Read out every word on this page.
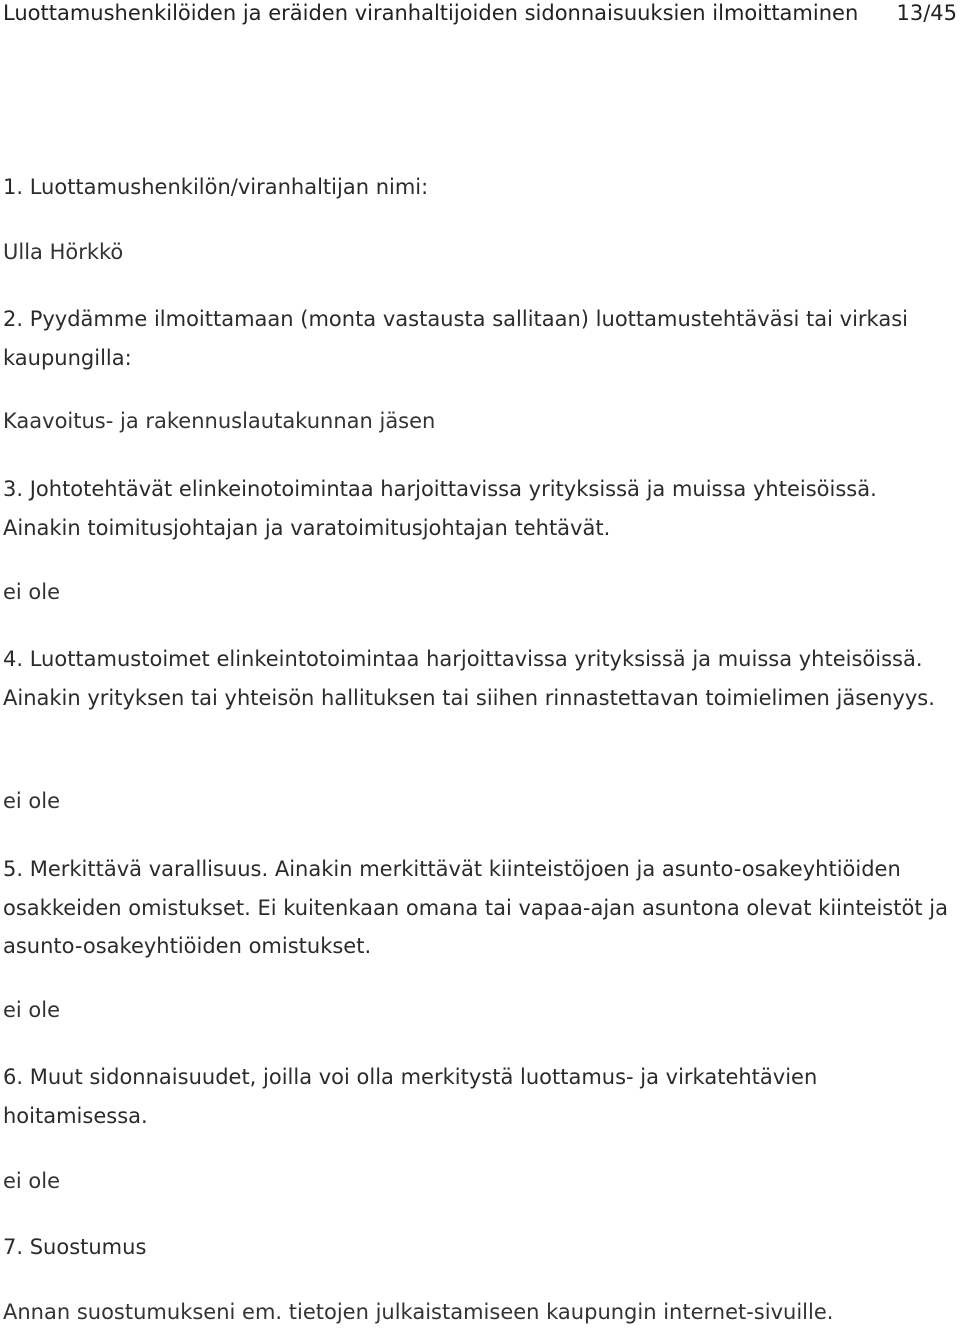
Luottamushenkilöiden ja eräiden viranhaltijoiden sidonnaisuuksien ilmoittaminen 13/45
1. Luottamushenkilön/viranhaltijan nimi:
Ulla Hörkkö
2. Pyydämme ilmoittamaan (monta vastausta sallitaan) luottamustehtäväsi tai virkasi kaupungilla:
Kaavoitus- ja rakennuslautakunnan jäsen
3. Johtotehtävät elinkeinotoimintaa harjoittavissa yrityksissä ja muissa yhteisöissä. Ainakin toimitusjohtajan ja varatoimitusjohtajan tehtävät.
ei ole
4. Luottamustoimet elinkeintotoimintaa harjoittavissa yrityksissä ja muissa yhteisöissä. Ainakin yrityksen tai yhteisön hallituksen tai siihen rinnastettavan toimielimen jäsenyys.
ei ole
5. Merkittävä varallisuus. Ainakin merkittävät kiinteistöjoen ja asunto-osakeyhtiöiden osakkeiden omistukset. Ei kuitenkaan omana tai vapaa-ajan asuntona olevat kiinteistöt ja asunto-osakeyhtiöiden omistukset.
ei ole
6. Muut sidonnaisuudet, joilla voi olla merkitystä luottamus- ja virkatehtävien hoitamisessa.
ei ole
7. Suostumus
Annan suostumukseni em. tietojen julkaistamiseen kaupungin internet-sivuille.
